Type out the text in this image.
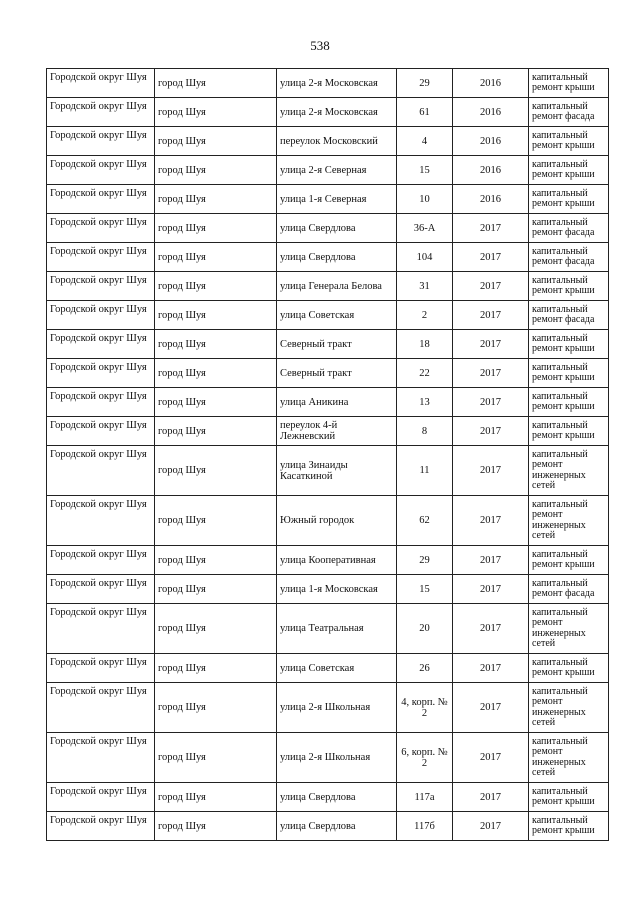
538
Городской округ Шуя	город Шуя	улица 2-я Московская	29	2016	капитальный ремонт крыши
Городской округ Шуя	город Шуя	улица 2-я Московская	61	2016	капитальный ремонт фасада
Городской округ Шуя	город Шуя	переулок Московский	4	2016	капитальный ремонт крыши
Городской округ Шуя	город Шуя	улица 2-я Северная	15	2016	капитальный ремонт крыши
Городской округ Шуя	город Шуя	улица 1-я Северная	10	2016	капитальный ремонт крыши
Городской округ Шуя	город Шуя	улица Свердлова	36-А	2017	капитальный ремонт фасада
Городской округ Шуя	город Шуя	улица Свердлова	104	2017	капитальный ремонт фасада
Городской округ Шуя	город Шуя	улица Генерала Белова	31	2017	капитальный ремонт крыши
Городской округ Шуя	город Шуя	улица Советская	2	2017	капитальный ремонт фасада
Городской округ Шуя	город Шуя	Северный тракт	18	2017	капитальный ремонт крыши
Городской округ Шуя	город Шуя	Северный тракт	22	2017	капитальный ремонт крыши
Городской округ Шуя	город Шуя	улица Аникина	13	2017	капитальный ремонт крыши
Городской округ Шуя	город Шуя	переулок 4-й Лежневский	8	2017	капитальный ремонт крыши
Городской округ Шуя	город Шуя	улица Зинаиды Касаткиной	11	2017	капитальный ремонт инженерных сетей
Городской округ Шуя	город Шуя	Южный городок	62	2017	капитальный ремонт инженерных сетей
Городской округ Шуя	город Шуя	улица Кооперативная	29	2017	капитальный ремонт крыши
Городской округ Шуя	город Шуя	улица 1-я Московская	15	2017	капитальный ремонт фасада
Городской округ Шуя	город Шуя	улица Театральная	20	2017	капитальный ремонт инженерных сетей
Городской округ Шуя	город Шуя	улица Советская	26	2017	капитальный ремонт крыши
Городской округ Шуя	город Шуя	улица 2-я Школьная	4, корп. № 2	2017	капитальный ремонт инженерных сетей
Городской округ Шуя	город Шуя	улица 2-я Школьная	6, корп. № 2	2017	капитальный ремонт инженерных сетей
Городской округ Шуя	город Шуя	улица Свердлова	117а	2017	капитальный ремонт крыши
Городской округ Шуя	город Шуя	улица Свердлова	117б	2017	капитальный ремонт крыши
